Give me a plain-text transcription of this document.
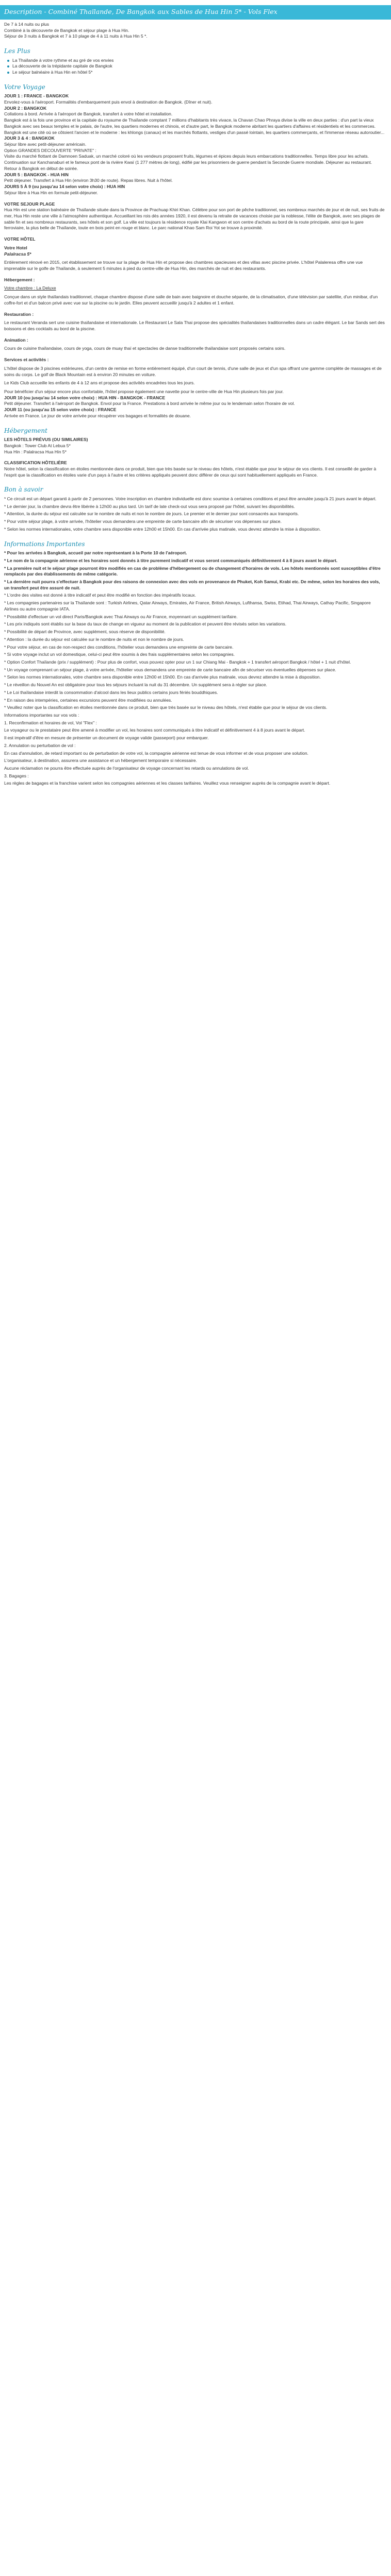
Description - Combiné Thaïlande, De Bangkok aux Sables de Hua Hin 5* - Vols Flex

De 7 à 14 nuits ou plus

Combiné à la découverte de Bangkok et séjour plage à Hua Hin.

Séjour de 3 nuits à Bangkok et 7 à 10 plage de 4 à 11 nuits à Hua Hin 5 *.

Les Plus
La Thaïlande à votre rythme et au gré de vos envies
La découverte de la trépidante capitale de Bangkok
Le séjour balnéaire à Hua Hin en hôtel 5*
Votre Voyage

JOUR 1 : FRANCE - BANGKOK

Envolez-vous à l'aéroport. Formalités d'embarquement puis envol à destination de Bangkok. (Dîner et nuit).

JOUR 2 : BANGKOK

Collations à bord. Arrivée à l'aéroport de Bangkok, transfert à votre hôtel et installation.
Bangkok est à la fois une province et la capitale du royaume de Thaïlande comptant 7 millions d'habitants très vivace, la Chavan Chao Phraya divise la ville en deux parties : d'un part la vieux Bangkok avec ses beaux temples et le palais, de l'autre, les quartiers modernes et chinois, et d'autre part, le Bangkok moderne abritant les quartiers d'affaires et résidentiels et les commerces. Bangkok est une cité où se côtoient l'ancien et le moderne : les khlongs (canaux) et les marchés flottants, vestiges d'un passé lointain, les quartiers commerçants, et l'immense réseau autoroutier...

JOUR 3 & 4 : BANGKOK

Séjour libre avec petit-déjeuner américain.
Option GRANDES DECOUVERTE "PRIVATE" :
Visite du marché flottant de Damnoen Saduak, un marché coloré où les vendeurs proposent fruits, légumes et épices depuis leurs embarcations traditionnelles. Temps libre pour les achats. Continuation sur Kanchanaburi et le fameux pont de la rivière Kwaï (1 277 mètres de long), édifié par les prisonniers de guerre pendant la Seconde Guerre mondiale. Déjeuner au restaurant. Retour à Bangkok en début de soirée.

JOUR 5 : BANGKOK - HUA HIN

Petit déjeuner. Transfert à Hua Hin (environ 3h30 de route). Repas libres. Nuit à l'hôtel.

JOURS 5 À 9 (ou jusqu'au 14 selon votre choix) : HUA HIN

Séjour libre à Hua Hin en formule petit-déjeuner.

VOTRE SEJOUR PLAGE

Hua Hin est une station balnéaire de Thaïlande située dans la Province de Prachuap Khiri Khan. Célèbre pour son port de pêche traditionnel, ses nombreux marchés de jour et de nuit, ses fruits de mer, Hua Hin reste une ville à l'atmosphère authentique. Accueillant les rois dès années 1920, il est devenu la retraite de vacances choisie par la noblesse, l'élite de Bangkok, avec ses plages de sable fin et ses nombreux restaurants, ses hôtels et son golf. La ville est toujours la résidence royale Klai Kangwon et son centre d'achats au bord de la route principale, ainsi que la gare ferroviaire, la plus belle de Thaïlande, toute en bois peint en rouge et blanc. Le parc national Khao Sam Roi Yot se trouve à proximité.

VOTRE HÔTEL

Votre Hotel

Palalracsa 5*

Entièrement rénové en 2015, cet établissement se trouve sur la plage de Hua Hin et propose des chambres spacieuses et des villas avec piscine privée. L'hôtel Palaleresa offre une vue imprenable sur le golfe de Thaïlande, à seulement 5 minutes à pied du centre-ville de Hua Hin, des marchés de nuit et des restaurants.

Hébergement :

Votre chambre : La Deluxe

Conçue dans un style thaïlandais traditionnel, chaque chambre dispose d'une salle de bain avec baignoire et douche séparée, de la climatisation, d'une télévision par satellite, d'un minibar, d'un coffre-fort et d'un balcon privé avec vue sur la piscine ou le jardin. Elles peuvent accueillir jusqu'à 2 adultes et 1 enfant.

Restauration :

Le restaurant Veranda sert une cuisine thaïlandaise et internationale. Le Restaurant Le Sala Thai propose des spécialités thaïlandaises traditionnelles dans un cadre élégant. Le bar Sands sert des boissons et des cocktails au bord de la piscine.

Animation :

Cours de cuisine thaïlandaise, cours de yoga, cours de muay thaï et spectacles de danse traditionnelle thaïlandaise sont proposés certains soirs.

Services et activités :

L'hôtel dispose de 3 piscines extérieures, d'un centre de remise en forme entièrement équipé, d'un court de tennis, d'une salle de jeux et d'un spa offrant une gamme complète de massages et de soins du corps. Le golf de Black Mountain est à environ 20 minutes en voiture.

Le Kids Club accueille les enfants de 4 à 12 ans et propose des activités encadrées tous les jours.

Pour bénéficier d'un séjour encore plus confortable, l'hôtel propose également une navette pour le centre-ville de Hua Hin plusieurs fois par jour.

JOUR 10 (ou jusqu'au 14 selon votre choix) : HUA HIN - BANGKOK - FRANCE

Petit déjeuner. Transfert à l'aéroport de Bangkok. Envol pour la France. Prestations à bord arrivée le même jour ou le lendemain selon l'horaire de vol.

JOUR 11 (ou jusqu'au 15 selon votre choix) : FRANCE

Arrivée en France. Le jour de votre arrivée pour récupérer vos bagages et formalités de douane.

Hébergement

LES HÔTELS PRÉVUS (OU SIMILAIRES)

Bangkok : Tower Club At Lebua 5*

Hua Hin : Palalracsa Hua Hin 5*

CLASSIFICATION HÔTELIÈRE

Notre hôtel, selon la classification en étoiles mentionnée dans ce produit, bien que très basée sur le niveau des hôtels, n'est établie que pour le séjour de vos clients. Il est conseillé de garder à l'esprit que la classification en étoiles varie d'un pays à l'autre et les critères appliqués peuvent donc différer de ceux qui sont habituellement appliqués en France.

Bon à savoir

* Ce circuit est un départ garanti à partir de 2 personnes. Votre inscription en chambre individuelle est donc soumise à certaines conditions et peut être annulée jusqu'à 21 jours avant le départ.

* Le dernier jour, la chambre devra être libérée à 12h00 au plus tard. Un tarif de late check-out vous sera proposé par l'hôtel, suivant les disponibilités.

* Attention, la durée du séjour est calculée sur le nombre de nuits et non le nombre de jours. Le premier et le dernier jour sont consacrés aux transports.

* Pour votre séjour plage, à votre arrivée, l'hôtelier vous demandera une empreinte de carte bancaire afin de sécuriser vos dépenses sur place.

* Selon les normes internationales, votre chambre sera disponible entre 12h00 et 15h00. En cas d'arrivée plus matinale, vous devrez attendre la mise à disposition.

Informations Importantes

* Pour les arrivées à Bangkok, accueil par notre représentant à la Porte 10 de l'aéroport.

* Le nom de la compagnie aérienne et les horaires sont donnés à titre purement indicatif et vous seront communiqués définitivement 4 à 8 jours avant le départ.

* La première nuit et le séjour plage pourront être modifiés en cas de problème d'hébergement ou de changement d'horaires de vols. Les hôtels mentionnés sont susceptibles d'être remplacés par des établissements de même catégorie.

* La dernière nuit pourra s'effectuer à Bangkok pour des raisons de connexion avec des vols en provenance de Phuket, Koh Samui, Krabi etc. De même, selon les horaires des vols, un transfert peut être assuré de nuit.

* L'ordre des visites est donné à titre indicatif et peut être modifié en fonction des impératifs locaux.

* Les compagnies partenaires sur la Thaïlande sont : Turkish Airlines, Qatar Airways, Emirates, Air France, British Airways, Lufthansa, Swiss, Etihad, Thai Airways, Cathay Pacific, Singapore Airlines ou autre compagnie IATA.

* Possibilité d'effectuer un vol direct Paris/Bangkok avec Thai Airways ou Air France, moyennant un supplément tarifaire.

* Les prix indiqués sont établis sur la base du taux de change en vigueur au moment de la publication et peuvent être révisés selon les variations.

* Possibilité de départ de Province, avec supplément, sous réserve de disponibilité.

* Attention : la durée du séjour est calculée sur le nombre de nuits et non le nombre de jours.

* Pour votre séjour, en cas de non-respect des conditions, l'hôtelier vous demandera une empreinte de carte bancaire.

* Si votre voyage inclut un vol domestique, celui-ci peut être soumis à des frais supplémentaires selon les compagnies.

* Option Confort Thaïlande (prix / supplément) : Pour plus de confort, vous pouvez opter pour un 1 sur Chiang Mai - Bangkok + 1 transfert aéroport Bangkok / hôtel + 1 nuit d'hôtel.

* Un voyage comprenant un séjour plage, à votre arrivée, l'hôtelier vous demandera une empreinte de carte bancaire afin de sécuriser vos éventuelles dépenses sur place.

* Selon les normes internationales, votre chambre sera disponible entre 12h00 et 15h00. En cas d'arrivée plus matinale, vous devrez attendre la mise à disposition.

* Le réveillon du Nouvel An est obligatoire pour tous les séjours incluant la nuit du 31 décembre. Un supplément sera à régler sur place.

* Le Loi thaïlandaise interdit la consommation d'alcool dans les lieux publics certains jours fériés bouddhiques.

* En raison des intempéries, certaines excursions peuvent être modifiées ou annulées.

* Veuillez noter que la classification en étoiles mentionnée dans ce produit, bien que très basée sur le niveau des hôtels, n'est établie que pour le séjour de vos clients.

Informations importantes sur vos vols :

1. Reconfirmation et horaires de vol, Vol "Flex" :

Le voyageur ou le prestataire peut être amené à modifier un vol, les horaires sont communiqués à titre indicatif et définitivement 4 à 8 jours avant le départ.

Il est impératif d'être en mesure de présenter un document de voyage valide (passeport) pour embarquer.

2. Annulation ou perturbation de vol :

En cas d'annulation, de retard important ou de perturbation de votre vol, la compagnie aérienne est tenue de vous informer et de vous proposer une solution.

L'organisateur, à destination, assurera une assistance et un hébergement temporaire si nécessaire.

Aucune réclamation ne pourra être effectuée auprès de l'organisateur de voyage concernant les retards ou annulations de vol.

3. Bagages :

Les règles de bagages et la franchise varient selon les compagnies aériennes et les classes tarifaires. Veuillez vous renseigner auprès de la compagnie avant le départ.
